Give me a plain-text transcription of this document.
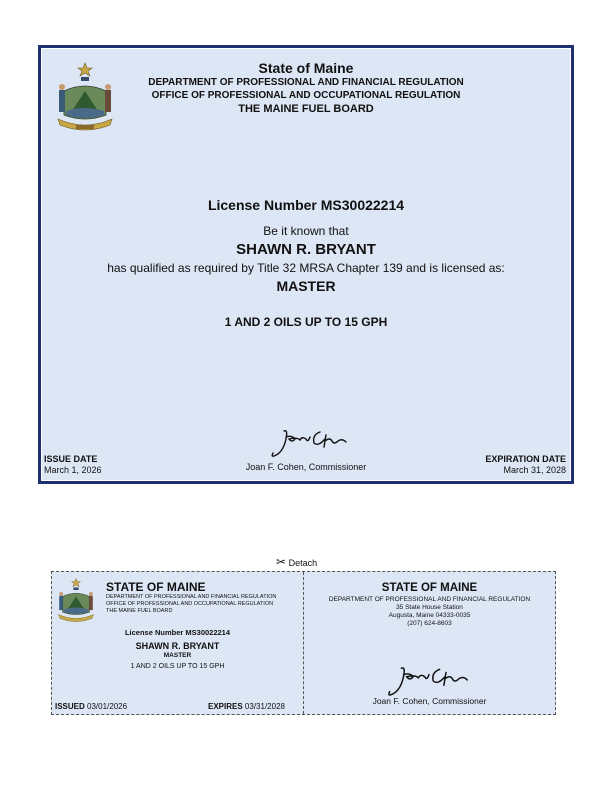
State of Maine
DEPARTMENT OF PROFESSIONAL AND FINANCIAL REGULATION
OFFICE OF PROFESSIONAL AND OCCUPATIONAL REGULATION
THE MAINE FUEL BOARD
License Number MS30022214
Be it known that
SHAWN R. BRYANT
has qualified as required by Title 32 MRSA Chapter 139 and is licensed as:
MASTER
1 AND 2 OILS UP TO 15 GPH
ISSUE DATE
March 1, 2026	Joan F. Cohen, Commissioner
EXPIRATION DATE
March 31, 2028
✂ Detach
STATE OF MAINE
DEPARTMENT OF PROFESSIONAL AND FINANCIAL REGULATION
OFFICE OF PROFESSIONAL AND OCCUPATIONAL REGULATION
THE MAINE FUEL BOARD
License Number MS30022214
SHAWN R. BRYANT
MASTER
1 AND 2 OILS UP TO 15 GPH
ISSUED 03/01/2026	EXPIRES 03/31/2028
STATE OF MAINE
DEPARTMENT OF PROFESSIONAL AND FINANCIAL REGULATION
35 State House Station
Augusta, Maine 04333-0035
(207) 624-8603
Joan F. Cohen, Commissioner
